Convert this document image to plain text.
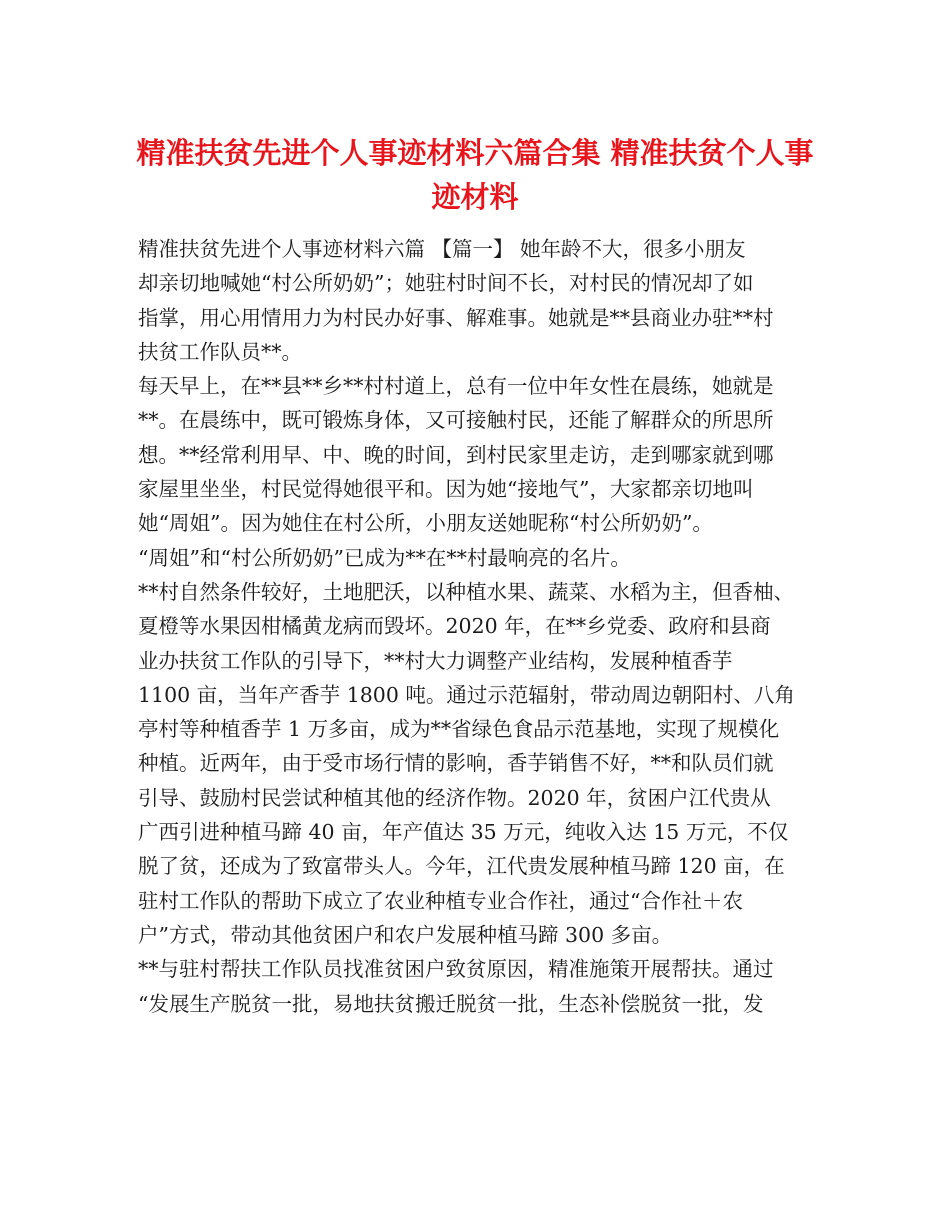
精准扶贫先进个人事迹材料六篇合集 精准扶贫个人事
迹材料
精准扶贫先进个人事迹材料六篇 【篇一】 她年龄不大，很多小朋友
却亲切地喊她“村公所奶奶”；她驻村时间不长，对村民的情况却了如
指掌，用心用情用力为村民办好事、解难事。她就是**县商业办驻**村
扶贫工作队员**。
每天早上，在**县**乡**村村道上，总有一位中年女性在晨练，她就是
**。在晨练中，既可锻炼身体，又可接触村民，还能了解群众的所思所
想。**经常利用早、中、晚的时间，到村民家里走访，走到哪家就到哪
家屋里坐坐，村民觉得她很平和。因为她“接地气”，大家都亲切地叫
她“周姐”。因为她住在村公所，小朋友送她昵称“村公所奶奶”。
“周姐”和“村公所奶奶”已成为**在**村最响亮的名片。
**村自然条件较好，土地肥沃，以种植水果、蔬菜、水稻为主，但香柚、
夏橙等水果因柑橘黄龙病而毁坏。2020 年，在**乡党委、政府和县商
业办扶贫工作队的引导下，**村大力调整产业结构，发展种植香芋
1100 亩，当年产香芋 1800 吨。通过示范辐射，带动周边朝阳村、八角
亭村等种植香芋 1 万多亩，成为**省绿色食品示范基地，实现了规模化
种植。近两年，由于受市场行情的影响，香芋销售不好，**和队员们就
引导、鼓励村民尝试种植其他的经济作物。2020 年，贫困户江代贵从
广西引进种植马蹄 40 亩，年产值达 35 万元，纯收入达 15 万元，不仅
脱了贫，还成为了致富带头人。今年，江代贵发展种植马蹄 120 亩，在
驻村工作队的帮助下成立了农业种植专业合作社，通过“合作社＋农
户”方式，带动其他贫困户和农户发展种植马蹄 300 多亩。
**与驻村帮扶工作队员找准贫困户致贫原因，精准施策开展帮扶。通过
“发展生产脱贫一批，易地扶贫搬迁脱贫一批，生态补偿脱贫一批，发
